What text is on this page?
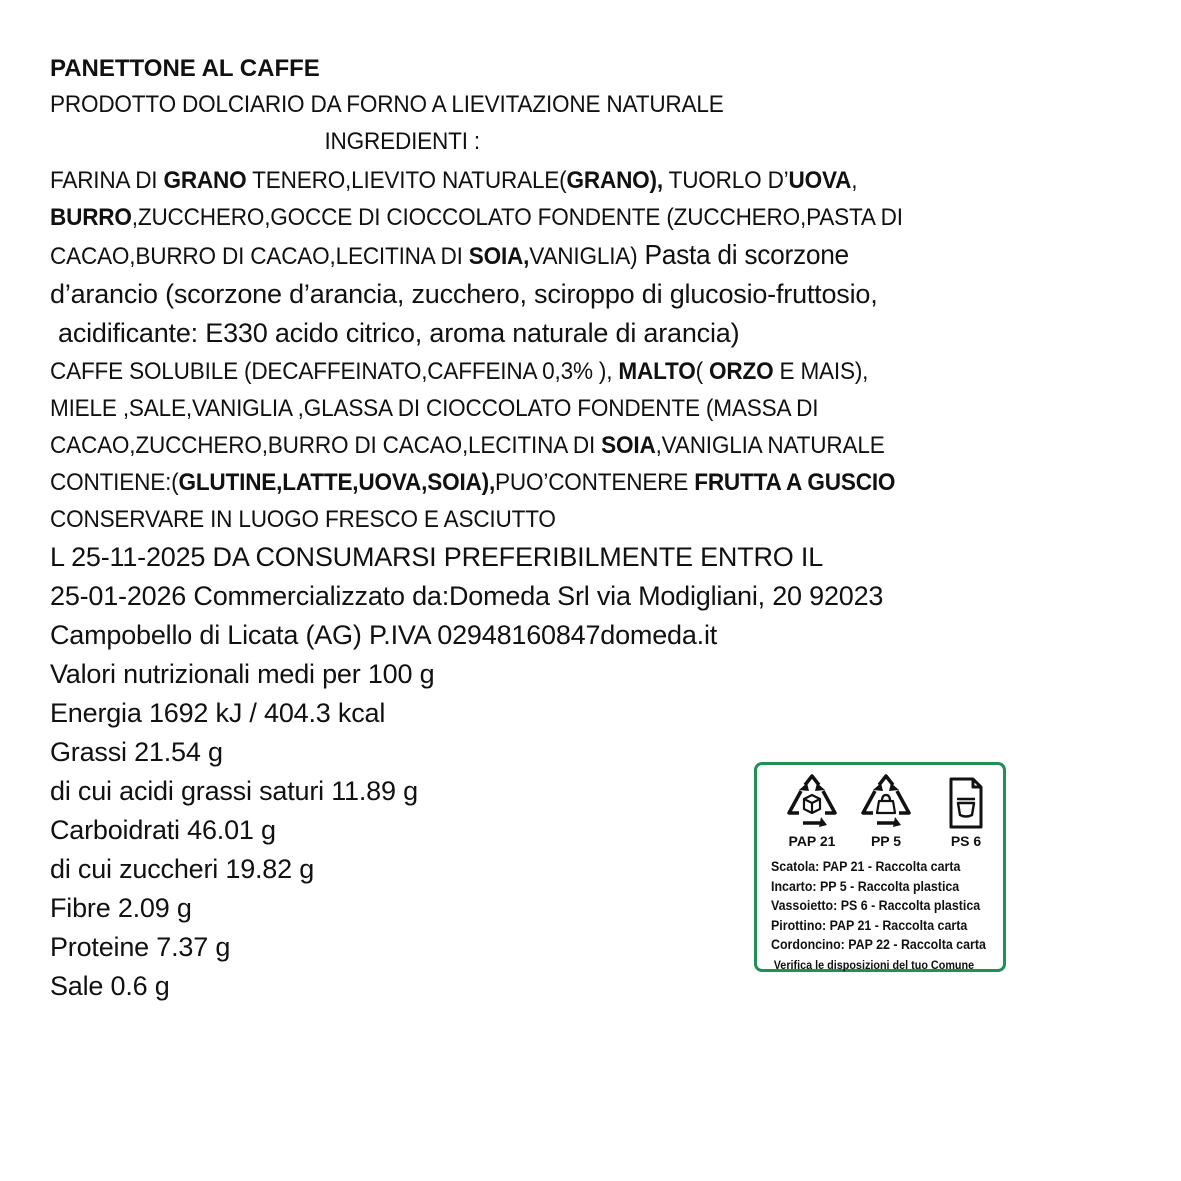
PANETTONE AL CAFFE
PRODOTTO DOLCIARIO DA FORNO A LIEVITAZIONE NATURALE
INGREDIENTI :
FARINA DI GRANO TENERO,LIEVITO NATURALE(GRANO), TUORLO D’UOVA,
BURRO,ZUCCHERO,GOCCE DI CIOCCOLATO FONDENTE (ZUCCHERO,PASTA DI
CACAO,BURRO DI CACAO,LECITINA DI SOIA,VANIGLIA) Pasta di scorzone
d’arancio (scorzone d’arancia, zucchero, sciroppo di glucosio-fruttosio,
acidificante: E330 acido citrico, aroma naturale di arancia)
CAFFE SOLUBILE (DECAFFEINATO,CAFFEINA 0,3% ), MALTO( ORZO E MAIS),
MIELE ,SALE,VANIGLIA ,GLASSA DI CIOCCOLATO FONDENTE (MASSA DI
CACAO,ZUCCHERO,BURRO DI CACAO,LECITINA DI SOIA,VANIGLIA NATURALE
CONTIENE:(GLUTINE,LATTE,UOVA,SOIA),PUO’CONTENERE FRUTTA A GUSCIO
CONSERVARE IN LUOGO FRESCO E ASCIUTTO
L 25-11-2025 DA CONSUMARSI PREFERIBILMENTE ENTRO IL
25-01-2026 Commercializzato da:Domeda Srl via Modigliani, 20 92023
Campobello di Licata (AG) P.IVA 02948160847domeda.it
Valori nutrizionali medi per 100 g
Energia 1692 kJ / 404.3 kcal
Grassi 21.54 g
di cui acidi grassi saturi 11.89 g
Carboidrati 46.01 g
di cui zuccheri 19.82 g
Fibre 2.09 g
Proteine 7.37 g
Sale 0.6 g
PAP 21	PP 5	PS 6
Scatola: PAP 21 - Raccolta carta
Incarto: PP 5 - Raccolta plastica
Vassoietto: PS 6 - Raccolta plastica
Pirottino: PAP 21 - Raccolta carta
Cordoncino: PAP 22 - Raccolta carta
Verifica le disposizioni del tuo Comune
